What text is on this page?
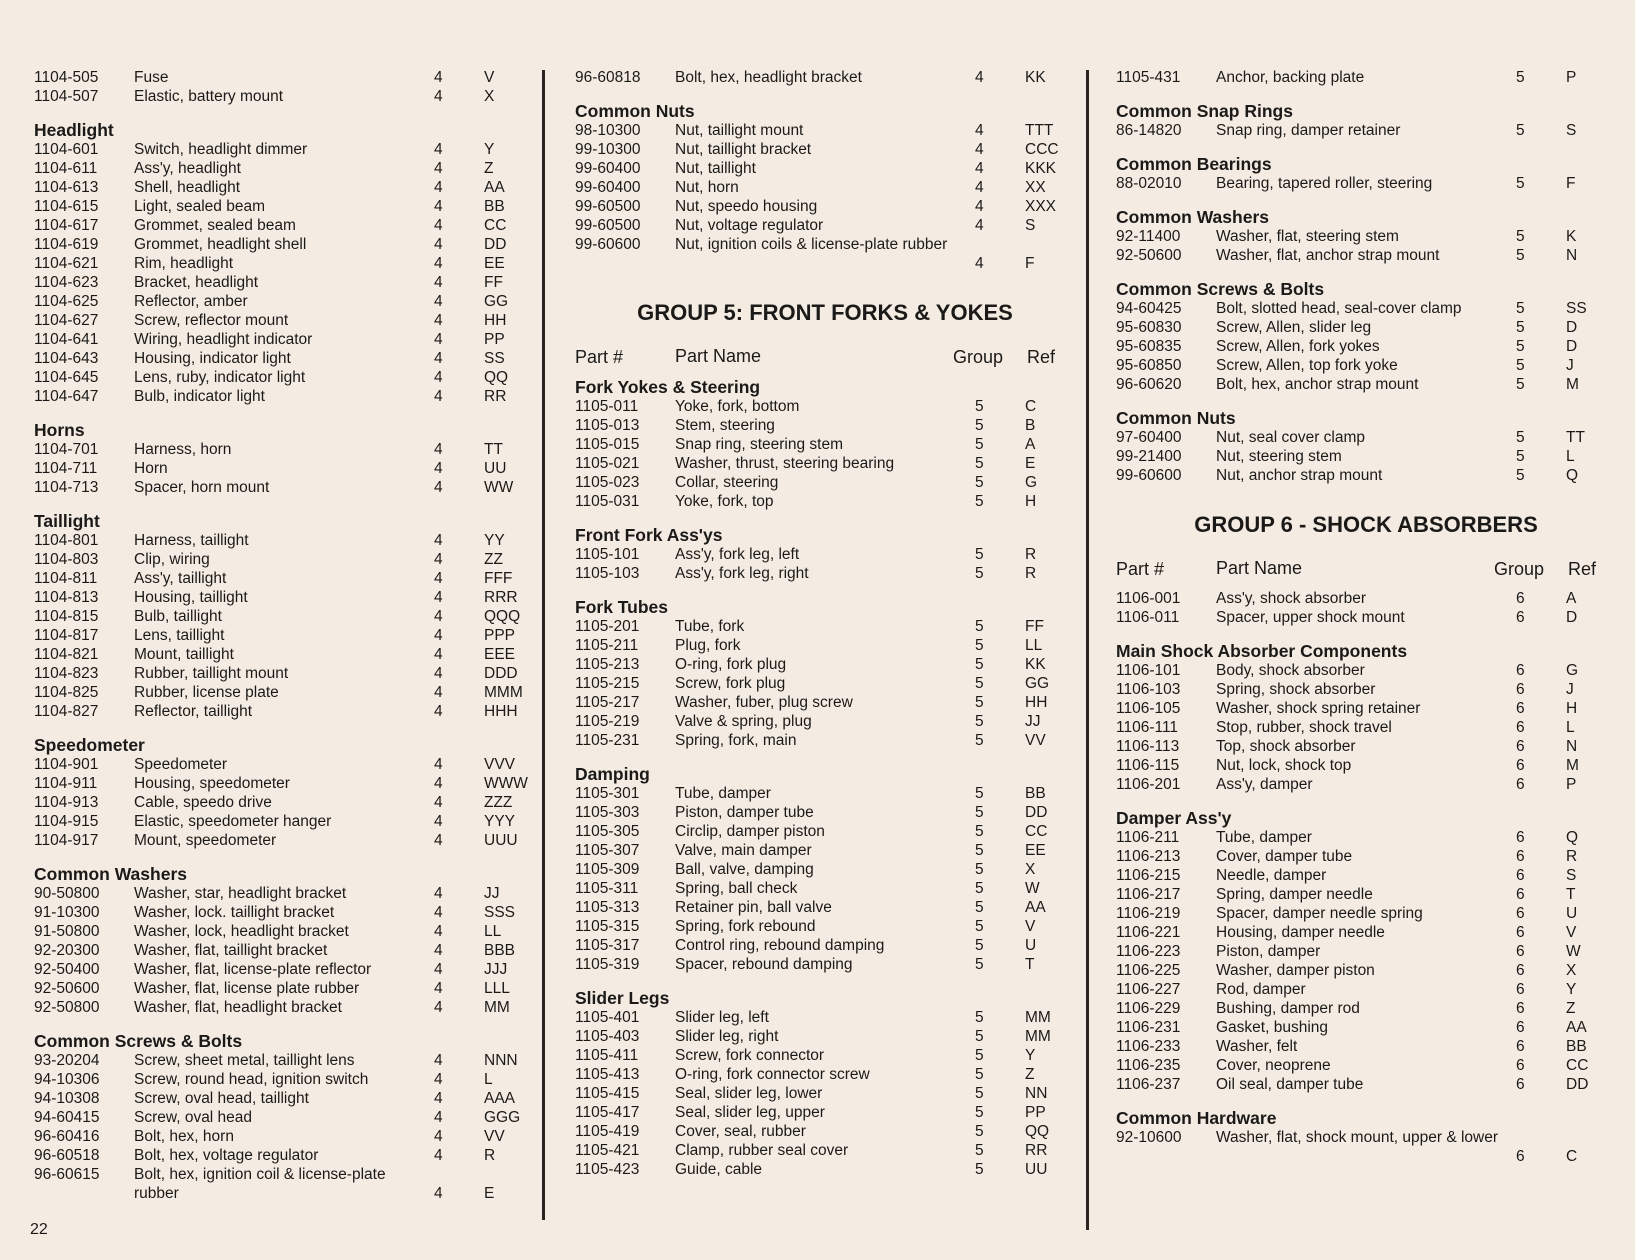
1104-505 Fuse	4	V
1104-507 Elastic, battery mount	4	X
Headlight
1104-601 Switch, headlight dimmer	4	Y
1104-611 Ass'y, headlight	4	Z
1104-613 Shell, headlight	4	AA
1104-615 Light, sealed beam	4	BB
1104-617 Grommet, sealed beam	4	CC
1104-619 Grommet, headlight shell	4	DD
1104-621 Rim, headlight	4	EE
1104-623 Bracket, headlight	4	FF
1104-625 Reflector, amber	4	GG
1104-627 Screw, reflector mount	4	HH
1104-641 Wiring, headlight indicator	4	PP
1104-643 Housing, indicator light	4	SS
1104-645 Lens, ruby, indicator light	4	QQ
1104-647 Bulb, indicator light	4	RR
Horns
1104-701 Harness, horn	4	TT
1104-711 Horn	4	UU
1104-713 Spacer, horn mount	4	WW
Taillight
1104-801 Harness, taillight	4	YY
1104-803 Clip, wiring	4	ZZ
1104-811 Ass'y, taillight	4	FFF
1104-813 Housing, taillight	4	RRR
1104-815 Bulb, taillight	4	QQQ
1104-817 Lens, taillight	4	PPP
1104-821 Mount, taillight	4	EEE
1104-823 Rubber, taillight mount	4	DDD
1104-825 Rubber, license plate	4	MMM
1104-827 Reflector, taillight	4	HHH
Speedometer
1104-901 Speedometer	4	VVV
1104-911 Housing, speedometer	4	WWW
1104-913 Cable, speedo drive	4	ZZZ
1104-915 Elastic, speedometer hanger	4	YYY
1104-917 Mount, speedometer	4	UUU
Common Washers
90-50800 Washer, star, headlight bracket	4	JJ
91-10300 Washer, lock. taillight bracket	4	SSS
91-50800 Washer, lock, headlight bracket	4	LL
92-20300 Washer, flat, taillight bracket	4	BBB
92-50400 Washer, flat, license-plate reflector	4	JJJ
92-50600 Washer, flat, license plate rubber	4	LLL
92-50800 Washer, flat, headlight bracket	4	MM
Common Screws & Bolts
93-20204 Screw, sheet metal, taillight lens	4	NNN
94-10306 Screw, round head, ignition switch	4	L
94-10308 Screw, oval head, taillight	4	AAA
94-60415 Screw, oval head	4	GGG
96-60416 Bolt, hex, horn	4	VV
96-60518 Bolt, hex, voltage regulator	4	R
96-60615 Bolt, hex, ignition coil & license-plate rubber	4	E
96-60818 Bolt, hex, headlight bracket	4	KK
Common Nuts
98-10300 Nut, taillight mount	4	TTT
99-10300 Nut, taillight bracket	4	CCC
99-60400 Nut, taillight	4	KKK
99-60400 Nut, horn	4	XX
99-60500 Nut, speedo housing	4	XXX
99-60500 Nut, voltage regulator	4	S
99-60600 Nut, ignition coils & license-plate rubber
4	F
GROUP 5: FRONT FORKS & YOKES
Part #	Part Name	Group Ref
Fork Yokes & Steering
1105-011 Yoke, fork, bottom	5	C
1105-013 Stem, steering	5	B
1105-015 Snap ring, steering stem	5	A
1105-021 Washer, thrust, steering bearing	5	E
1105-023 Collar, steering	5	G
1105-031 Yoke, fork, top	5	H
Front Fork Ass'ys
1105-101 Ass'y, fork leg, left	5	R
1105-103 Ass'y, fork leg, right	5	R
Fork Tubes
1105-201 Tube, fork	5	FF
1105-211 Plug, fork	5	LL
1105-213 O-ring, fork plug	5	KK
1105-215 Screw, fork plug	5	GG
1105-217 Washer, fuber, plug screw	5	HH
1105-219 Valve & spring, plug	5	JJ
1105-231 Spring, fork, main	5	VV
Damping
1105-301 Tube, damper	5	BB
1105-303 Piston, damper tube	5	DD
1105-305 Circlip, damper piston	5	CC
1105-307 Valve, main damper	5	EE
1105-309 Ball, valve, damping	5	X
1105-311 Spring, ball check	5	W
1105-313 Retainer pin, ball valve	5	AA
1105-315 Spring, fork rebound	5	V
1105-317 Control ring, rebound damping	5	U
1105-319 Spacer, rebound damping	5	T
Slider Legs
1105-401 Slider leg, left	5	MM
1105-403 Slider leg, right	5	MM
1105-411 Screw, fork connector	5	Y
1105-413 O-ring, fork connector screw	5	Z
1105-415 Seal, slider leg, lower	5	NN
1105-417 Seal, slider leg, upper	5	PP
1105-419 Cover, seal, rubber	5	QQ
1105-421 Clamp, rubber seal cover	5	RR
1105-423 Guide, cable	5	UU
1105-431 Anchor, backing plate	5	P
Common Snap Rings
86-14820 Snap ring, damper retainer	5	S
Common Bearings
88-02010 Bearing, tapered roller, steering	5	F
Common Washers
92-11400 Washer, flat, steering stem	5	K
92-50600 Washer, flat, anchor strap mount	5	N
Common Screws & Bolts
94-60425 Bolt, slotted head, seal-cover clamp	5	SS
95-60830 Screw, Allen, slider leg	5	D
95-60835 Screw, Allen, fork yokes	5	D
95-60850 Screw, Allen, top fork yoke	5	J
96-60620 Bolt, hex, anchor strap mount	5	M
Common Nuts
97-60400 Nut, seal cover clamp	5	TT
99-21400 Nut, steering stem	5	L
99-60600 Nut, anchor strap mount	5	Q
GROUP 6 - SHOCK ABSORBERS
Part #	Part Name	Group Ref
1106-001 Ass'y, shock absorber	6	A
1106-011 Spacer, upper shock mount	6	D
Main Shock Absorber Components
1106-101 Body, shock absorber	6	G
1106-103 Spring, shock absorber	6	J
1106-105 Washer, shock spring retainer	6	H
1106-111 Stop, rubber, shock travel	6	L
1106-113 Top, shock absorber	6	N
1106-115 Nut, lock, shock top	6	M
1106-201 Ass'y, damper	6	P
Damper Ass'y
1106-211 Tube, damper	6	Q
1106-213 Cover, damper tube	6	R
1106-215 Needle, damper	6	S
1106-217 Spring, damper needle	6	T
1106-219 Spacer, damper needle spring	6	U
1106-221 Housing, damper needle	6	V
1106-223 Piston, damper	6	W
1106-225 Washer, damper piston	6	X
1106-227 Rod, damper	6	Y
1106-229 Bushing, damper rod	6	Z
1106-231 Gasket, bushing	6	AA
1106-233 Washer, felt	6	BB
1106-235 Cover, neoprene	6	CC
1106-237 Oil seal, damper tube	6	DD
Common Hardware
92-10600 Washer, flat, shock mount, upper & lower
6	C
22
